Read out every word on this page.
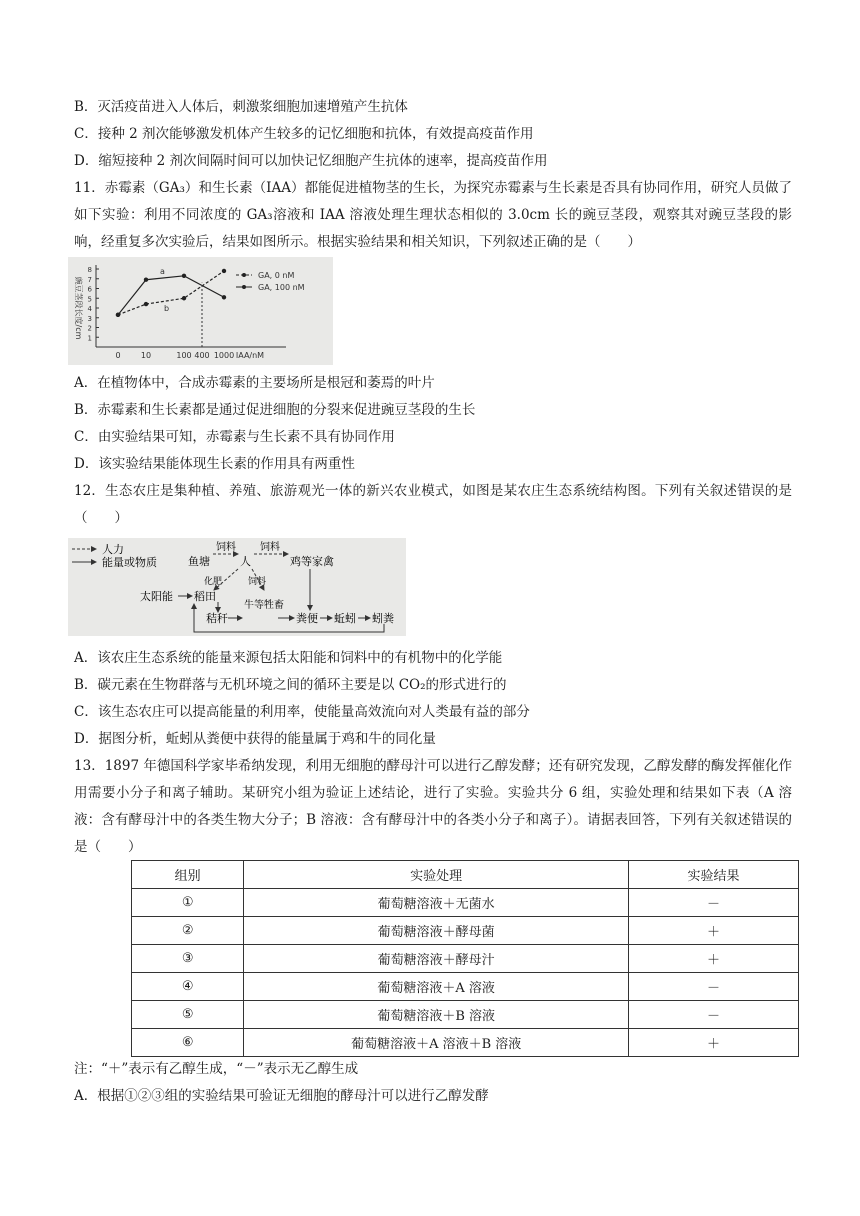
B．灭活疫苗进入人体后，刺激浆细胞加速增殖产生抗体
C．接种 2 剂次能够激发机体产生较多的记忆细胞和抗体，有效提高疫苗作用
D．缩短接种 2 剂次间隔时间可以加快记忆细胞产生抗体的速率，提高疫苗作用
11．赤霉素（GA₃）和生长素（IAA）都能促进植物茎的生长，为探究赤霉素与生长素是否具有协同作用，研究人员做了如下实验：利用不同浓度的 GA₃溶液和 IAA 溶液处理生理状态相似的 3.0cm 长的豌豆茎段，观察其对豌豆茎段的影响，经重复多次实验后，结果如图所示。根据实验结果和相关知识，下列叙述正确的是（　　）
1
2
3
4
5
6
7
8
0	10	100 400 1000 IAA/nM
豌豆茎段长度/cm
a
b
GA, 0 nM
GA, 100 nM
A．在植物体中，合成赤霉素的主要场所是根冠和萎焉的叶片
B．赤霉素和生长素都是通过促进细胞的分裂来促进豌豆茎段的生长
C．由实验结果可知，赤霉素与生长素不具有协同作用
D．该实验结果能体现生长素的作用具有两重性
12．生态农庄是集种植、养殖、旅游观光一体的新兴农业模式，如图是某农庄生态系统结构图。下列有关叙述错误的是（　　）
人力
能量或物质	鱼塘	人	鸡等家禽
太阳能 稻田
牛等牲畜
秸秆	粪便 蚯蚓 蚓粪
饲料 饲料
化肥	饲料
A．该农庄生态系统的能量来源包括太阳能和饲料中的有机物中的化学能
B．碳元素在生物群落与无机环境之间的循环主要是以 CO₂的形式进行的
C．该生态农庄可以提高能量的利用率，使能量高效流向对人类最有益的部分
D．据图分析，蚯蚓从粪便中获得的能量属于鸡和牛的同化量
13．1897 年德国科学家毕希纳发现，利用无细胞的酵母汁可以进行乙醇发酵；还有研究发现，乙醇发酵的酶发挥催化作用需要小分子和离子辅助。某研究小组为验证上述结论，进行了实验。实验共分 6 组，实验处理和结果如下表（A 溶液：含有酵母汁中的各类生物大分子；B 溶液：含有酵母汁中的各类小分子和离子）。请据表回答，下列有关叙述错误的是（　　）
组别	实验处理	实验结果
①	葡萄糖溶液＋无菌水	－
②	葡萄糖溶液＋酵母菌	＋
③	葡萄糖溶液＋酵母汁	＋
④	葡萄糖溶液＋A 溶液	－
⑤	葡萄糖溶液＋B 溶液	－
⑥	葡萄糖溶液＋A 溶液＋B 溶液	＋
注：“＋”表示有乙醇生成，“－”表示无乙醇生成
A．根据①②③组的实验结果可验证无细胞的酵母汁可以进行乙醇发酵
